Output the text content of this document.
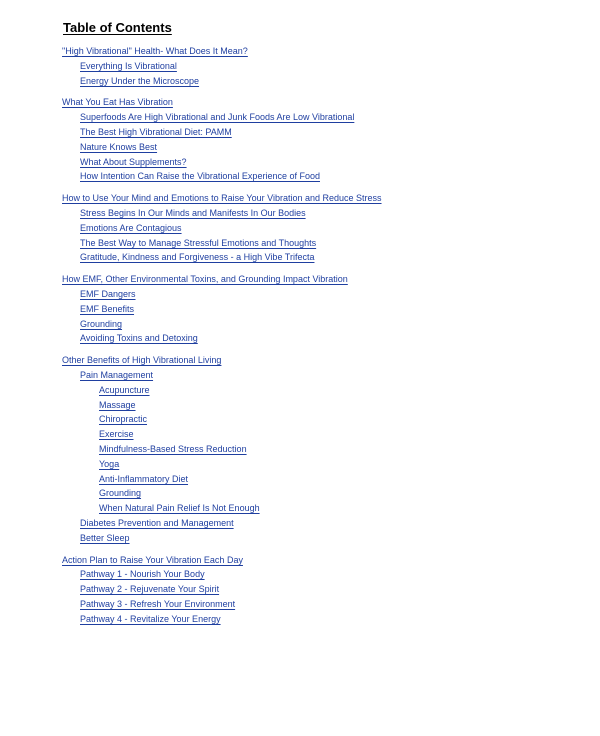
Table of Contents
"High Vibrational" Health- What Does It Mean?
Everything Is Vibrational
Energy Under the Microscope
What You Eat Has Vibration
Superfoods Are High Vibrational and Junk Foods Are Low Vibrational
The Best High Vibrational Diet: PAMM
Nature Knows Best
What About Supplements?
How Intention Can Raise the Vibrational Experience of Food
How to Use Your Mind and Emotions to Raise Your Vibration and Reduce Stress
Stress Begins In Our Minds and Manifests In Our Bodies
Emotions Are Contagious
The Best Way to Manage Stressful Emotions and Thoughts
Gratitude, Kindness and Forgiveness - a High Vibe Trifecta
How EMF, Other Environmental Toxins, and Grounding Impact Vibration
EMF Dangers
EMF Benefits
Grounding
Avoiding Toxins and Detoxing
Other Benefits of High Vibrational Living
Pain Management
Acupuncture
Massage
Chiropractic
Exercise
Mindfulness-Based Stress Reduction
Yoga
Anti-Inflammatory Diet
Grounding
When Natural Pain Relief Is Not Enough
Diabetes Prevention and Management
Better Sleep
Action Plan to Raise Your Vibration Each Day
Pathway 1 - Nourish Your Body
Pathway 2 - Rejuvenate Your Spirit
Pathway 3 - Refresh Your Environment
Pathway 4 - Revitalize Your Energy
